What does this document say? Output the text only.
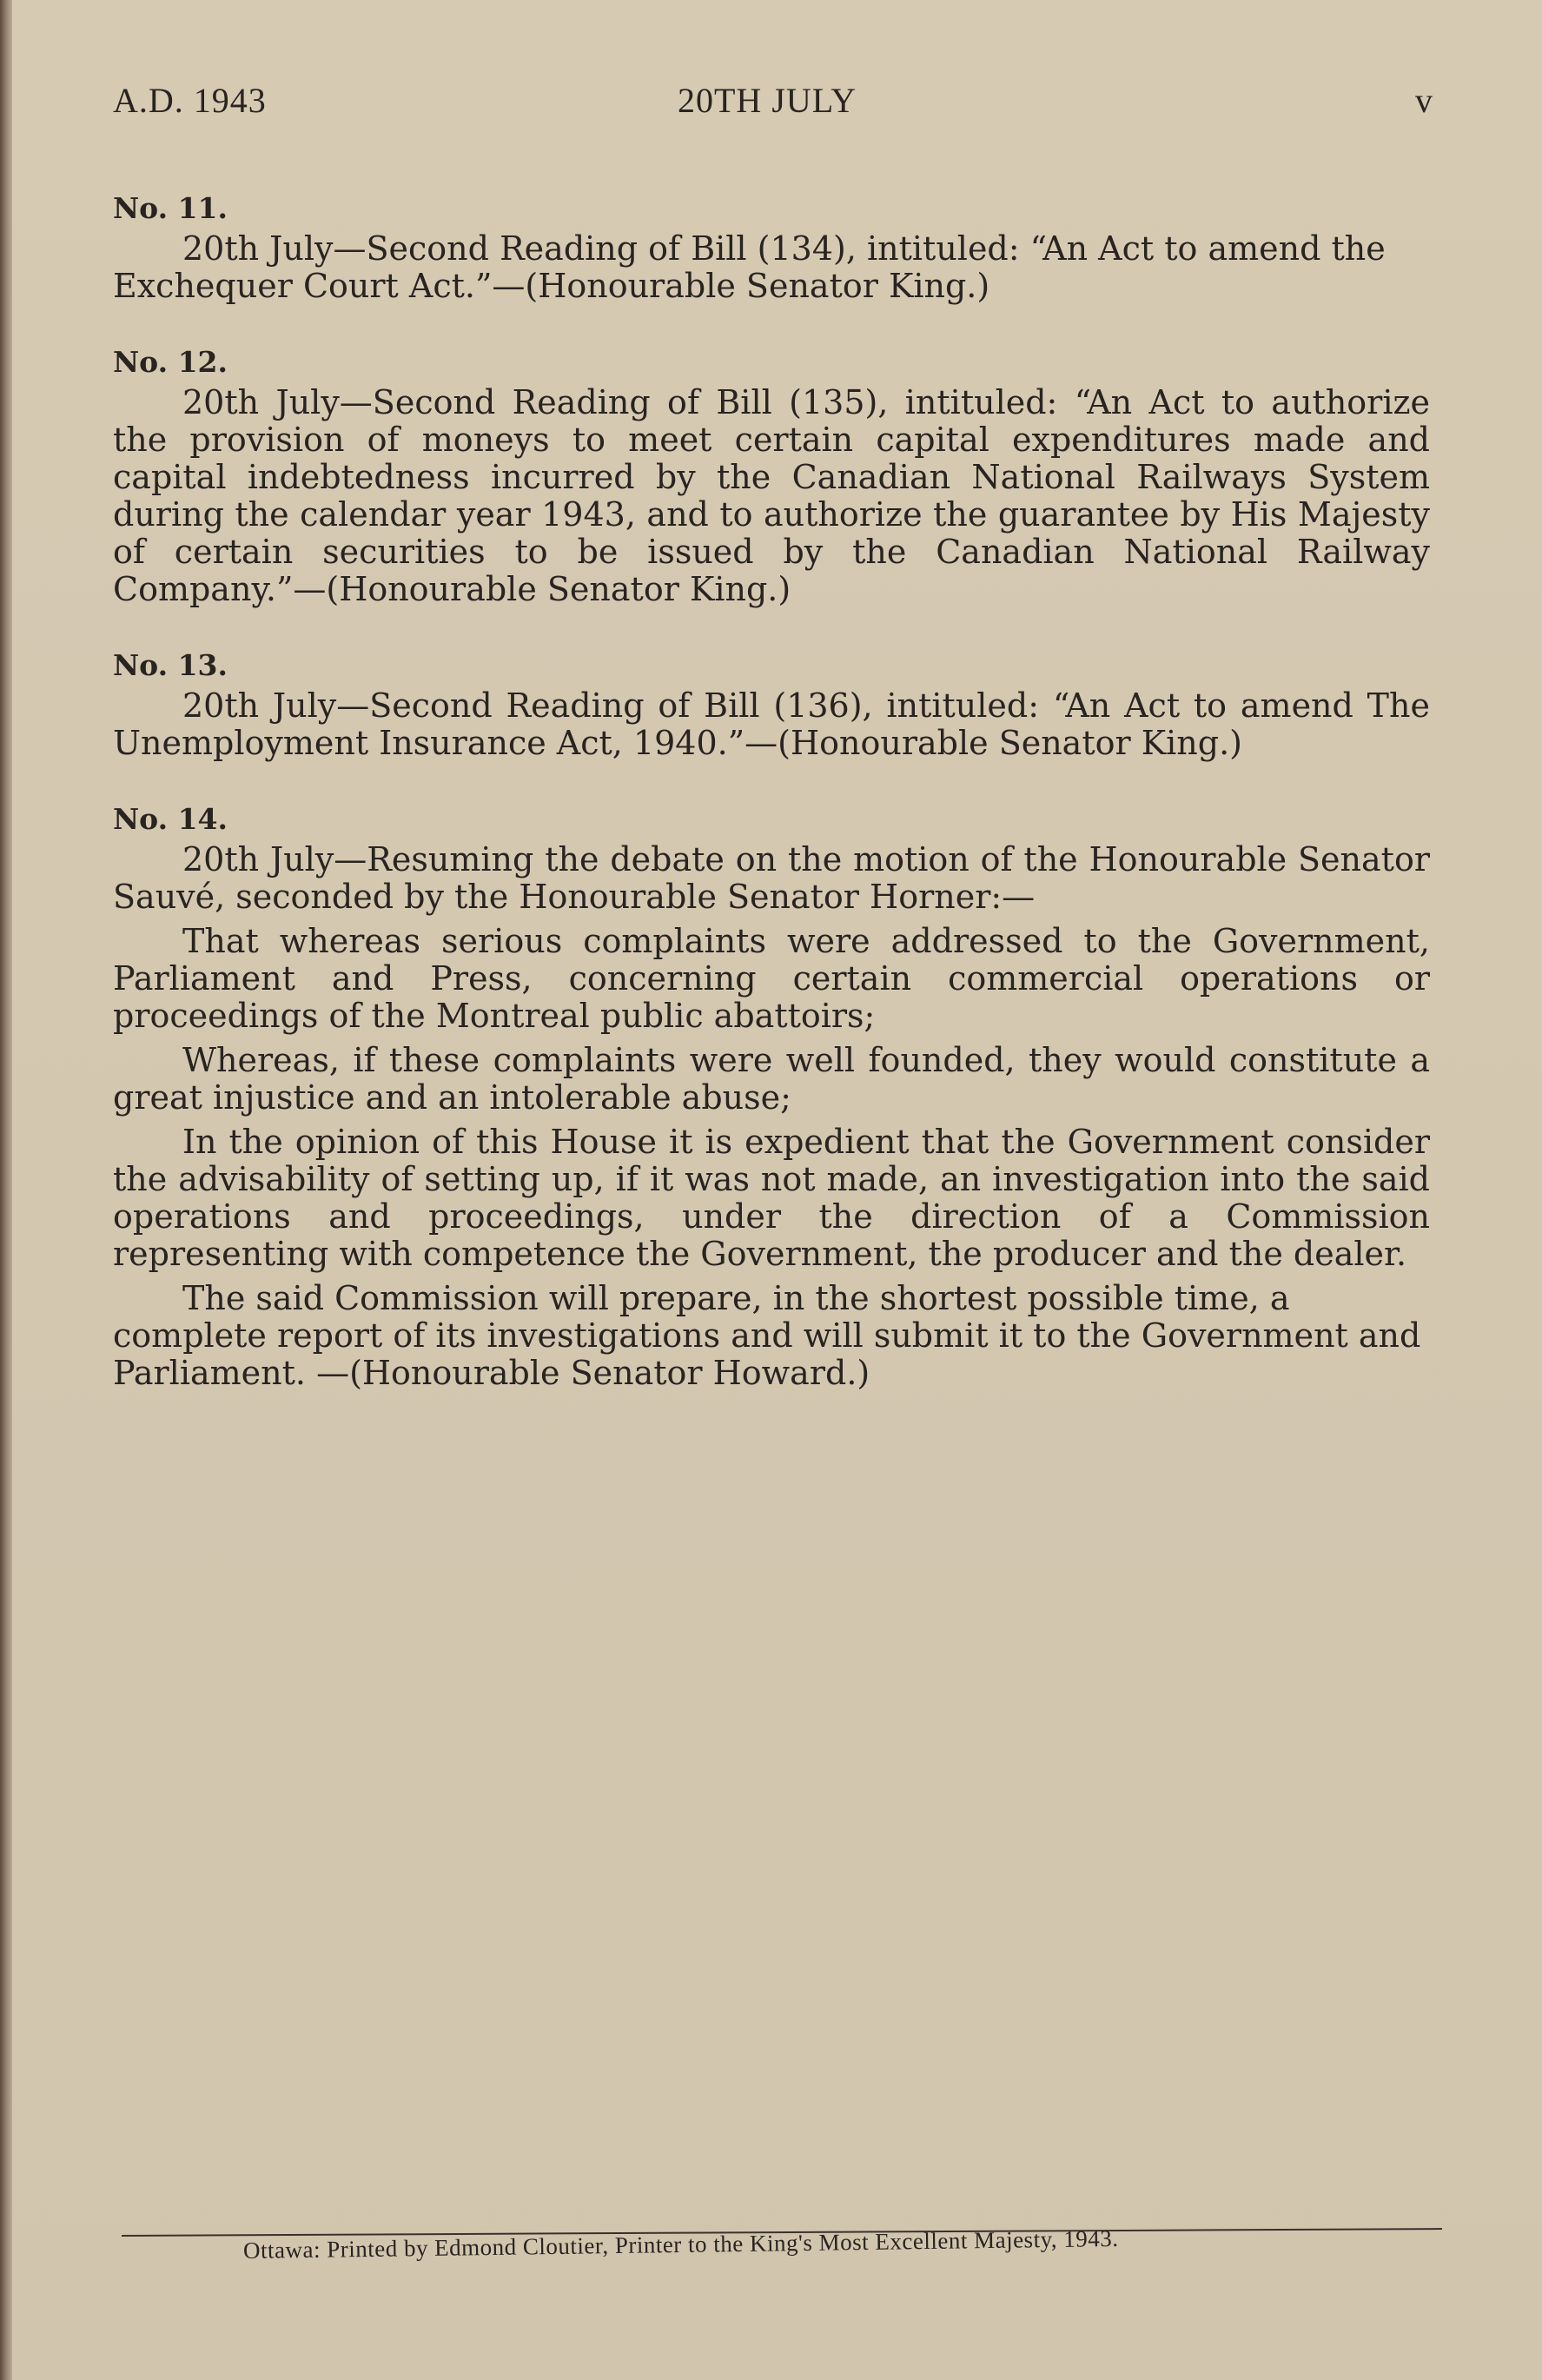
A.D. 1943	20TH JULY	v
No. 11.

20th July—Second Reading of Bill (134), intituled: “An Act to amend the Exchequer Court Act.”—(Honourable Senator King.)

No. 12.

20th July—Second Reading of Bill (135), intituled: “An Act to authorize the provision of moneys to meet certain capital expenditures made and capital indebtedness incurred by the Canadian National Railways System during the calendar year 1943, and to authorize the guarantee by His Majesty of certain securities to be issued by the Canadian National Railway Company.”—(Honourable Senator King.)

No. 13.

20th July—Second Reading of Bill (136), intituled: “An Act to amend The Unemployment Insurance Act, 1940.”—(Honourable Senator King.)

No. 14.

20th July—Resuming the debate on the motion of the Honourable Senator Sauvé, seconded by the Honourable Senator Horner:—

That whereas serious complaints were addressed to the Government, Parliament and Press, concerning certain commercial operations or proceedings of the Montreal public abattoirs;

Whereas, if these complaints were well founded, they would constitute a great injustice and an intolerable abuse;

In the opinion of this House it is expedient that the Government consider the advisability of setting up, if it was not made, an investigation into the said operations and proceedings, under the direction of a Commission representing with competence the Government, the producer and the dealer.

The said Commission will prepare, in the shortest possible time, a complete report of its investigations and will submit it to the Government and Parliament. —(Honourable Senator Howard.)

Ottawa: Printed by Edmond Cloutier, Printer to the King's Most Excellent Majesty, 1943.
